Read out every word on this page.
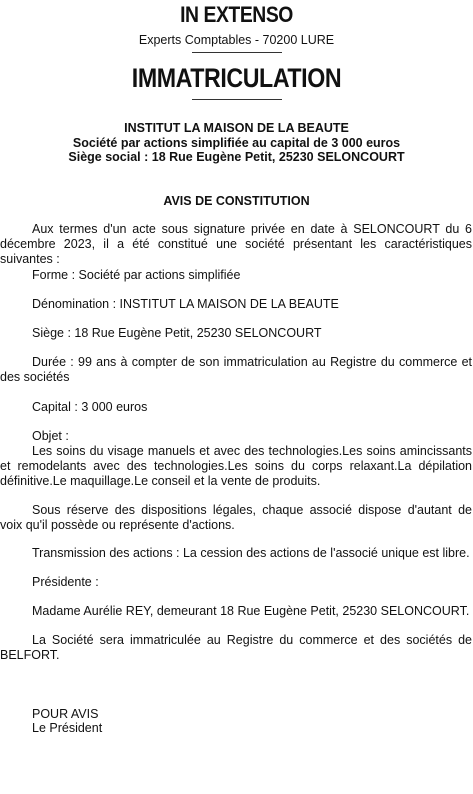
IN EXTENSO
Experts Comptables - 70200 LURE
IMMATRICULATION
INSTITUT LA MAISON DE LA BEAUTE
Société par actions simplifiée au capital de 3 000 euros
Siège social : 18 Rue Eugène Petit, 25230 SELONCOURT
AVIS DE CONSTITUTION

Aux termes d'un acte sous signature privée en date à SELONCOURT du 6 décembre 2023, il a été constitué une société présentant les caractéristiques suivantes :

Forme : Société par actions simplifiée

Dénomination : INSTITUT LA MAISON DE LA BEAUTE

Siège : 18 Rue Eugène Petit, 25230 SELONCOURT

Durée : 99 ans à compter de son immatriculation au Registre du commerce et des sociétés

Capital : 3 000 euros

Objet :

Les soins du visage manuels et avec des technologies.Les soins amincissants et remodelants avec des technologies.Les soins du corps relaxant.La dépilation définitive.Le maquillage.Le conseil et la vente de produits.

Sous réserve des dispositions légales, chaque associé dispose d'autant de voix qu'il possède ou représente d'actions.

Transmission des actions : La cession des actions de l'associé unique est libre.

Présidente :

Madame Aurélie REY, demeurant 18 Rue Eugène Petit, 25230 SELONCOURT.

La Société sera immatriculée au Registre du commerce et des sociétés de BELFORT.

POUR AVIS
Le Président
